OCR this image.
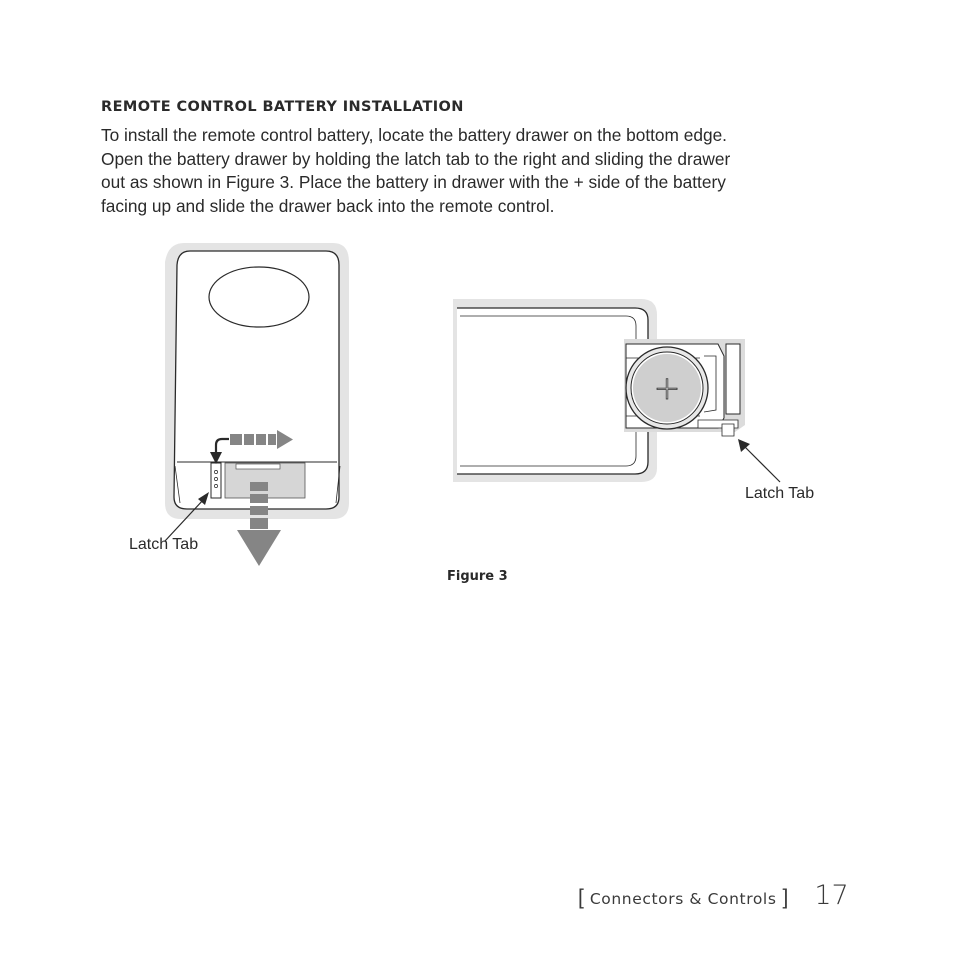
REMOTE CONTROL BATTERY INSTALLATION
To install the remote control battery, locate the battery drawer on the bottom edge.
Open the battery drawer by holding the latch tab to the right and sliding the drawer
out as shown in Figure 3. Place the battery in drawer with the + side of the battery
facing up and slide the drawer back into the remote control.
+
Latch Tab
Latch Tab
Figure 3
[ Connectors & Controls ] 17
